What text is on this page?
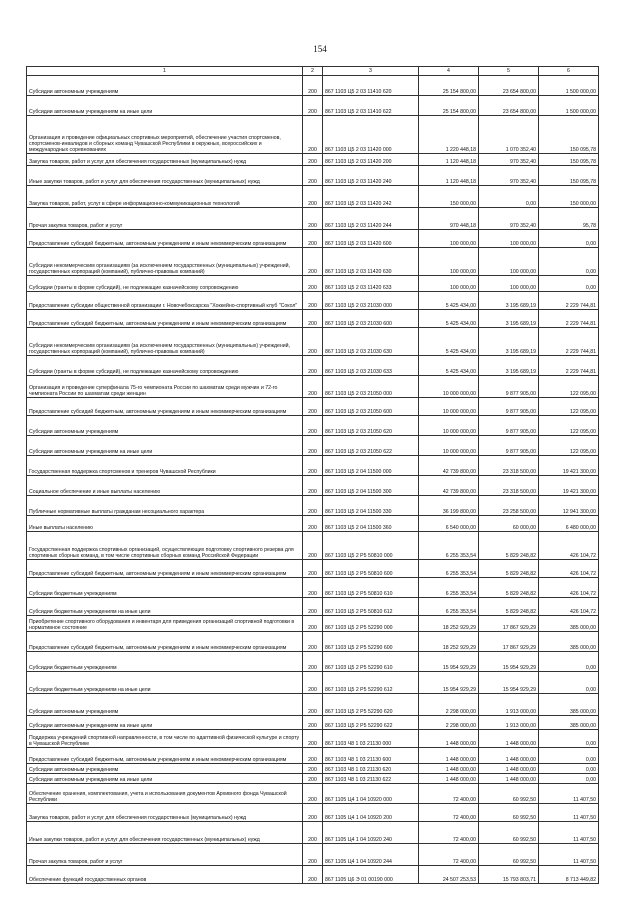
154
1	2	3	4	5	6
Субсидии автономным учреждениям	200	867 1103 Ц5 2 03 11410 620	25 154 800,00	23 654 800,00	1 500 000,00
Субсидии автономным учреждениям на иные цели	200	867 1103 Ц5 2 03 11410 622	25 154 800,00	23 654 800,00	1 500 000,00
Организация и проведение официальных спортивных мероприятий, обеспечение участия спортсменов, спортсменов-инвалидов и сборных команд Чувашской Республики в окружных, всероссийских и международных соревнованиях	200	867 1103 Ц5 2 03 11420 000	1 220 448,18	1 070 352,40	150 095,78
Закупка товаров, работ и услуг для обеспечения государственных (муниципальных) нужд	200	867 1103 Ц5 2 03 11420 200	1 120 448,18	970 352,40	150 095,78
Иные закупки товаров, работ и услуг для обеспечения государственных (муниципальных) нужд	200	867 1103 Ц5 2 03 11420 240	1 120 448,18	970 352,40	150 095,78
Закупка товаров, работ, услуг в сфере информационно-коммуникационных технологий	200	867 1103 Ц5 2 03 11420 242	150 000,00	0,00	150 000,00
Прочая закупка товаров, работ и услуг	200	867 1103 Ц5 2 03 11420 244	970 448,18	970 352,40	95,78
Предоставление субсидий бюджетным, автономным учреждениям и иным некоммерческим организациям	200	867 1103 Ц5 2 03 11420 600	100 000,00	100 000,00	0,00
Субсидии некоммерческим организациям (за исключением государственных (муниципальных) учреждений, государственных корпораций (компаний), публично-правовых компаний)	200	867 1103 Ц5 2 03 11420 630	100 000,00	100 000,00	0,00
Субсидии (гранты в форме субсидий), не подлежащие казначейскому сопровождению	200	867 1103 Ц5 2 03 11420 633	100 000,00	100 000,00	0,00
Предоставление субсидии общественной организации г. Новочебоксарска "Хоккейно-спортивный клуб "Сокол"	200	867 1103 Ц5 2 03 21030 000	5 425 434,00	3 195 689,19	2 229 744,81
Предоставление субсидий бюджетным, автономным учреждениям и иным некоммерческим организациям	200	867 1103 Ц5 2 03 21030 600	5 425 434,00	3 195 689,19	2 229 744,81
Субсидии некоммерческим организациям (за исключением государственных (муниципальных) учреждений, государственных корпораций (компаний), публично-правовых компаний)	200	867 1103 Ц5 2 03 21030 630	5 425 434,00	3 195 689,19	2 229 744,81
Субсидии (гранты в форме субсидий), не подлежащие казначейскому сопровождению	200	867 1103 Ц5 2 03 21030 633	5 425 434,00	3 195 689,19	2 229 744,81
Организация и проведение суперфинала 75-го чемпионата России по шахматам среди мужчин и 72-го чемпионата России по шахматам среди женщин	200	867 1103 Ц5 2 03 21050 000	10 000 000,00	9 877 905,00	122 095,00
Предоставление субсидий бюджетным, автономным учреждениям и иным некоммерческим организациям	200	867 1103 Ц5 2 03 21050 600	10 000 000,00	9 877 905,00	122 095,00
Субсидии автономным учреждениям	200	867 1103 Ц5 2 03 21050 620	10 000 000,00	9 877 905,00	122 095,00
Субсидии автономным учреждениям на иные цели	200	867 1103 Ц5 2 03 21050 622	10 000 000,00	9 877 905,00	122 095,00
Государственная поддержка спортсменов и тренеров Чувашской Республики	200	867 1103 Ц5 2 04 11500 000	42 739 800,00	23 318 500,00	19 421 300,00
Социальное обеспечение и иные выплаты населению	200	867 1103 Ц5 2 04 11500 300	42 739 800,00	23 318 500,00	19 421 300,00
Публичные нормативные выплаты гражданам несоциального характера	200	867 1103 Ц5 2 04 11500 330	36 199 800,00	23 258 500,00	12 941 300,00
Иные выплаты населению	200	867 1103 Ц5 2 04 11500 360	6 540 000,00	60 000,00	6 480 000,00
Государственная поддержка спортивных организаций, осуществляющих подготовку спортивного резерва для спортивных сборных команд, в том числе спортивных сборных команд Российской Федерации	200	867 1103 Ц5 2 P5 50810 000	6 255 353,54	5 829 248,82	426 104,72
Предоставление субсидий бюджетным, автономным учреждениям и иным некоммерческим организациям	200	867 1103 Ц5 2 P5 50810 600	6 255 353,54	5 829 248,82	426 104,72
Субсидии бюджетным учреждениям	200	867 1103 Ц5 2 P5 50810 610	6 255 353,54	5 829 248,82	426 104,72
Субсидии бюджетным учреждениям на иные цели	200	867 1103 Ц5 2 P5 50810 612	6 255 353,54	5 829 248,82	426 104,72
Приобретение спортивного оборудования и инвентаря для приведения организаций спортивной подготовки в нормативное состояние	200	867 1103 Ц5 2 P5 52290 000	18 252 929,29	17 867 929,29	385 000,00
Предоставление субсидий бюджетным, автономным учреждениям и иным некоммерческим организациям	200	867 1103 Ц5 2 P5 52290 600	18 252 929,29	17 867 929,29	385 000,00
Субсидии бюджетным учреждениям	200	867 1103 Ц5 2 P5 52290 610	15 954 929,29	15 954 929,29	0,00
Субсидии бюджетным учреждениям на иные цели	200	867 1103 Ц5 2 P5 52290 612	15 954 929,29	15 954 929,29	0,00
Субсидии автономным учреждениям	200	867 1103 Ц5 2 P5 52290 620	2 298 000,00	1 913 000,00	385 000,00
Субсидии автономным учреждениям на иные цели	200	867 1103 Ц5 2 P5 52290 622	2 298 000,00	1 913 000,00	385 000,00
Поддержка учреждений спортивной направленности, в том числе по адаптивной физической культуре и спорту в Чувашской Республике	200	867 1103 Ч8 1 03 21130 000	1 448 000,00	1 448 000,00	0,00
Предоставление субсидий бюджетным, автономным учреждениям и иным некоммерческим организациям	200	867 1103 Ч8 1 03 21130 600	1 448 000,00	1 448 000,00	0,00
Субсидии автономным учреждениям	200	867 1103 Ч8 1 03 21130 620	1 448 000,00	1 448 000,00	0,00
Субсидии автономным учреждениям на иные цели	200	867 1103 Ч8 1 03 21130 622	1 448 000,00	1 448 000,00	0,00
Обеспечение хранения, комплектования, учета и использования документов Архивного фонда Чувашской Республики	200	867 1105 Ц4 1 04 10920 000	72 400,00	60 992,50	11 407,50
Закупка товаров, работ и услуг для обеспечения государственных (муниципальных) нужд	200	867 1105 Ц4 1 04 10920 200	72 400,00	60 992,50	11 407,50
Иные закупки товаров, работ и услуг для обеспечения государственных (муниципальных) нужд	200	867 1105 Ц4 1 04 10920 240	72 400,00	60 992,50	11 407,50
Прочая закупка товаров, работ и услуг	200	867 1105 Ц4 1 04 10920 244	72 400,00	60 992,50	11 407,50
Обеспечение функций государственных органов	200	867 1105 Ц6 Э 01 00190 000	24 507 253,53	15 793 803,71	8 713 449,82
